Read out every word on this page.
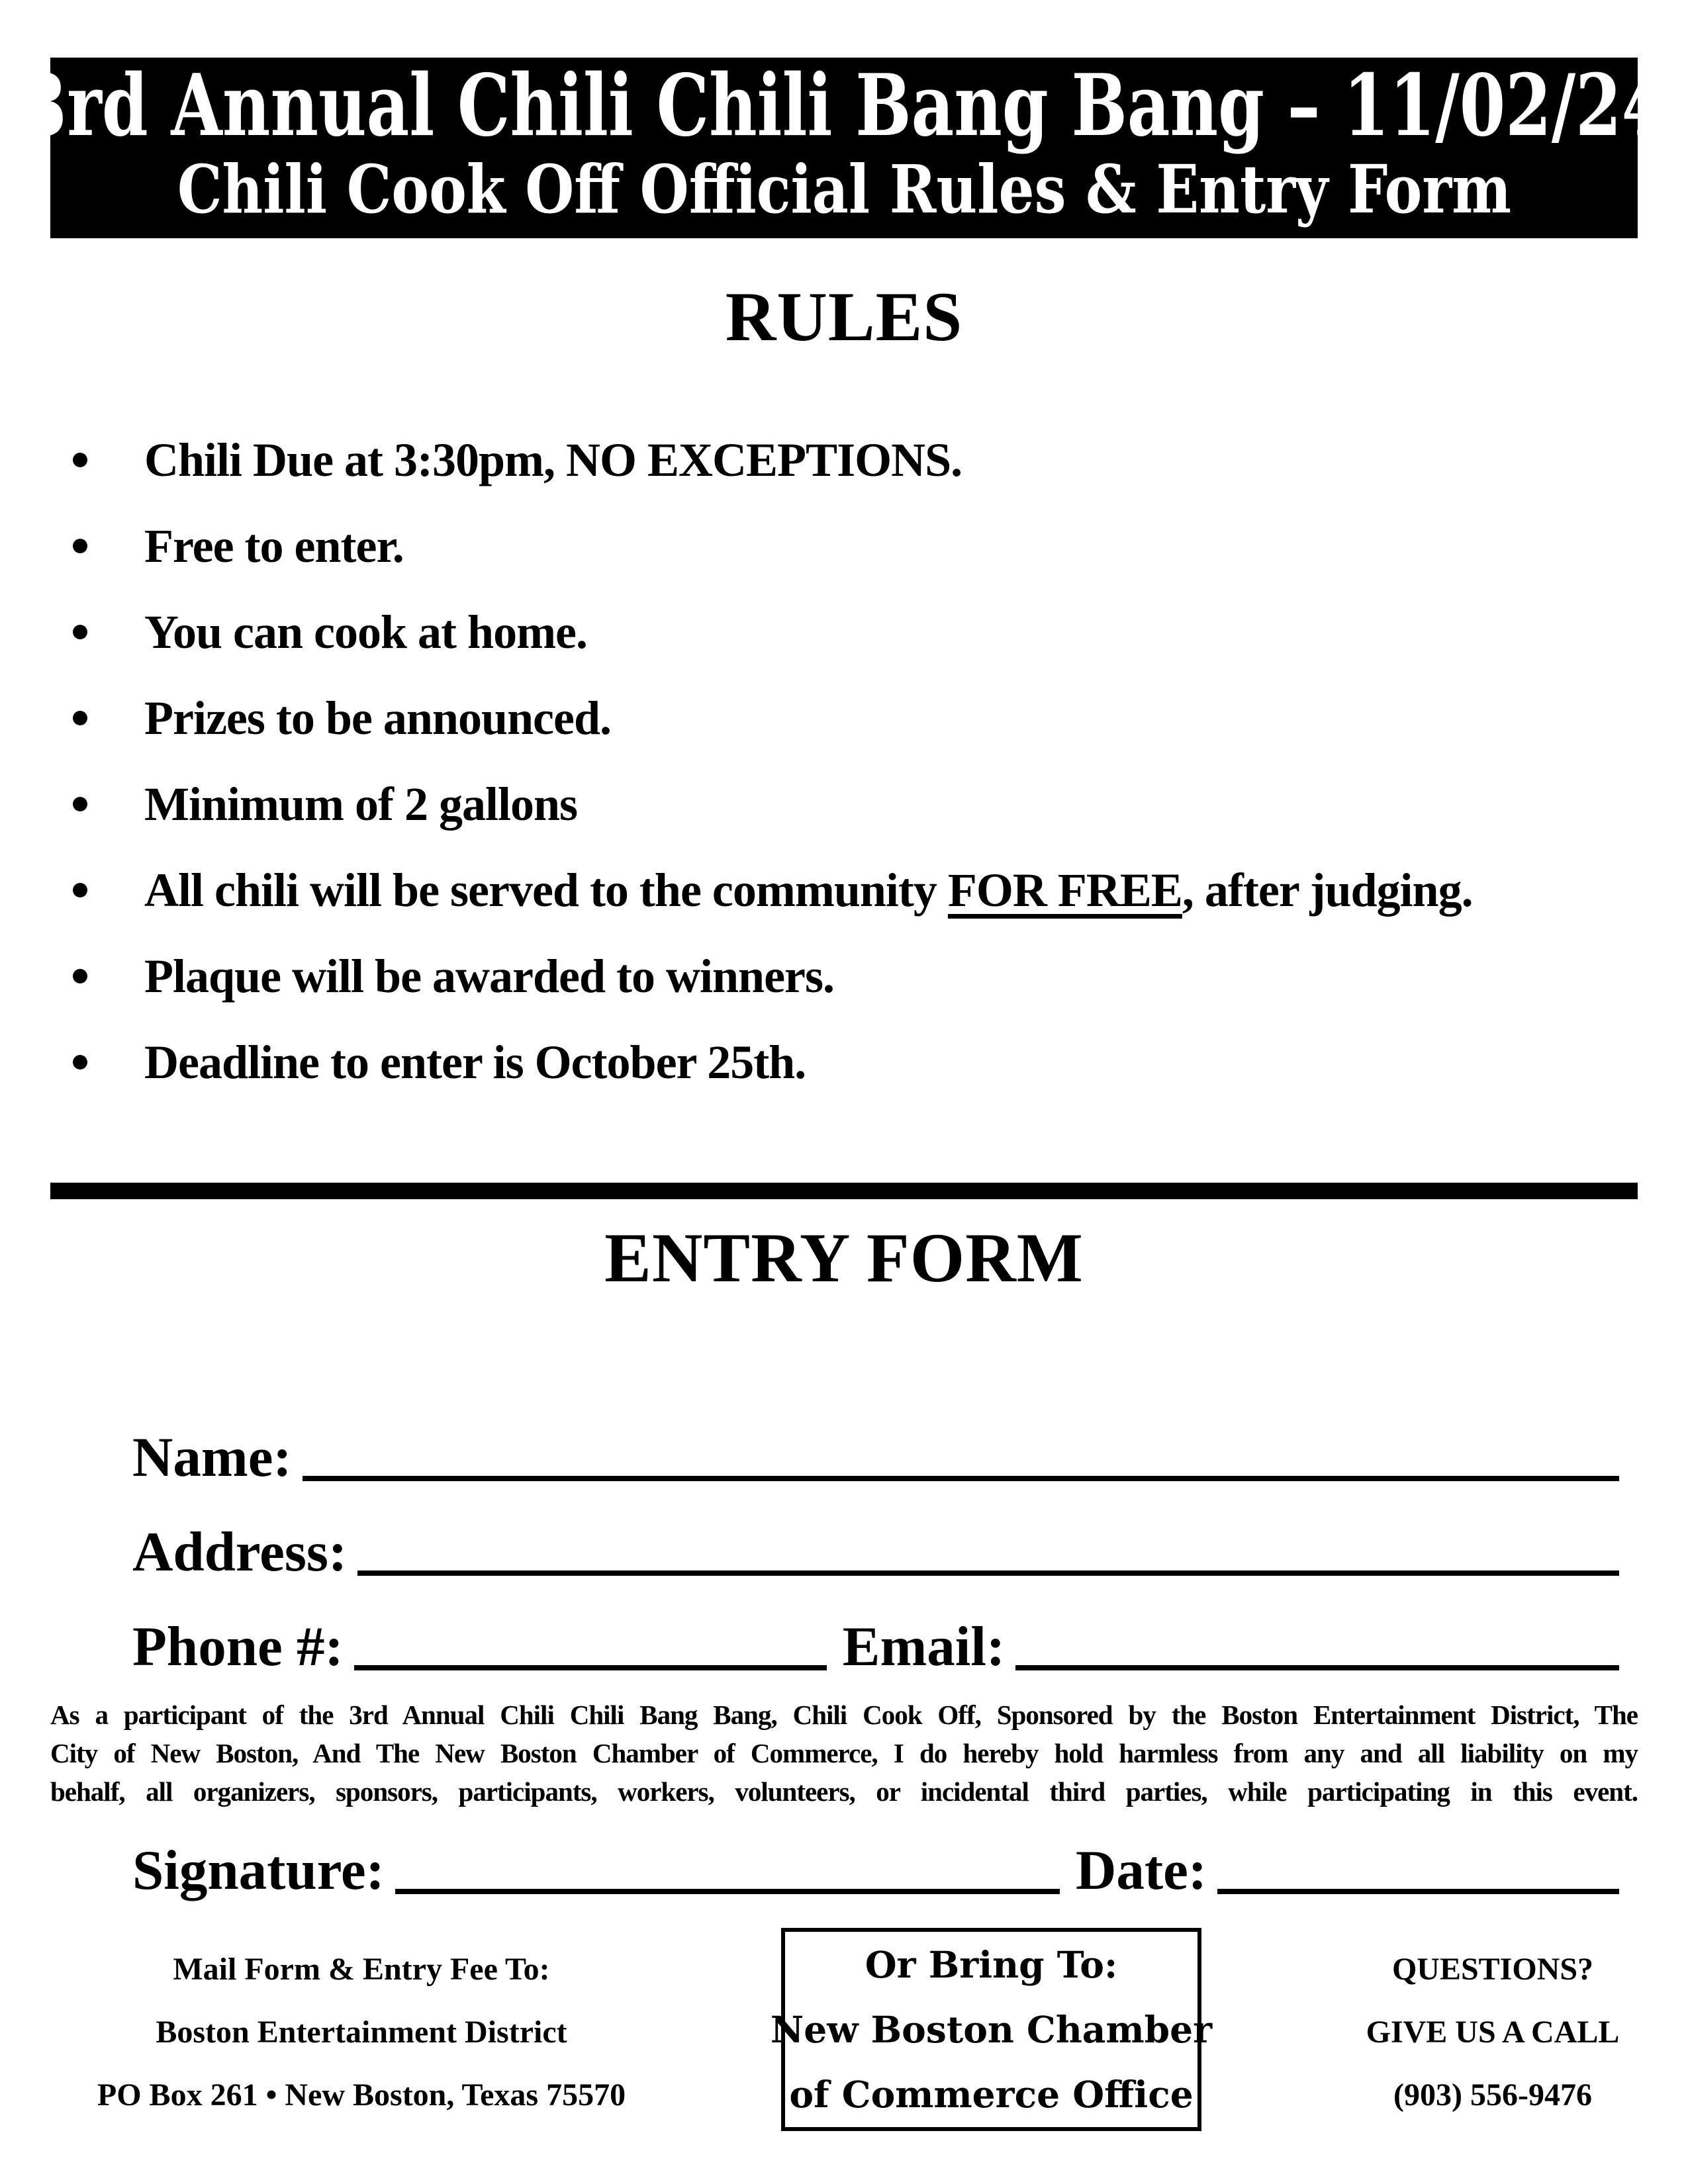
3rd Annual Chili Chili Bang Bang – 11/02/24
Chili Cook Off Official Rules & Entry Form
RULES
Chili Due at 3:30pm, NO EXCEPTIONS.
Free to enter.
You can cook at home.
Prizes to be announced.
Minimum of 2 gallons
All chili will be served to the community FOR FREE, after judging.
Plaque will be awarded to winners.
Deadline to enter is October 25th.
ENTRY FORM
Name:
Address:
Phone #:	Email:
As a participant of the 3rd Annual Chili Chili Bang Bang, Chili Cook Off, Sponsored by the Boston Entertainment District, The
City of New Boston, And The New Boston Chamber of Commerce, I do hereby hold harmless from any and all liability on my
behalf, all organizers, sponsors, participants, workers, volunteers, or incidental third parties, while participating in this event.
Signature:	Date:
Mail Form & Entry Fee To:
Boston Entertainment District
PO Box 261 • New Boston, Texas 75570
Or Bring To:
New Boston Chamber
of Commerce Office
QUESTIONS?
GIVE US A CALL
(903) 556-9476
